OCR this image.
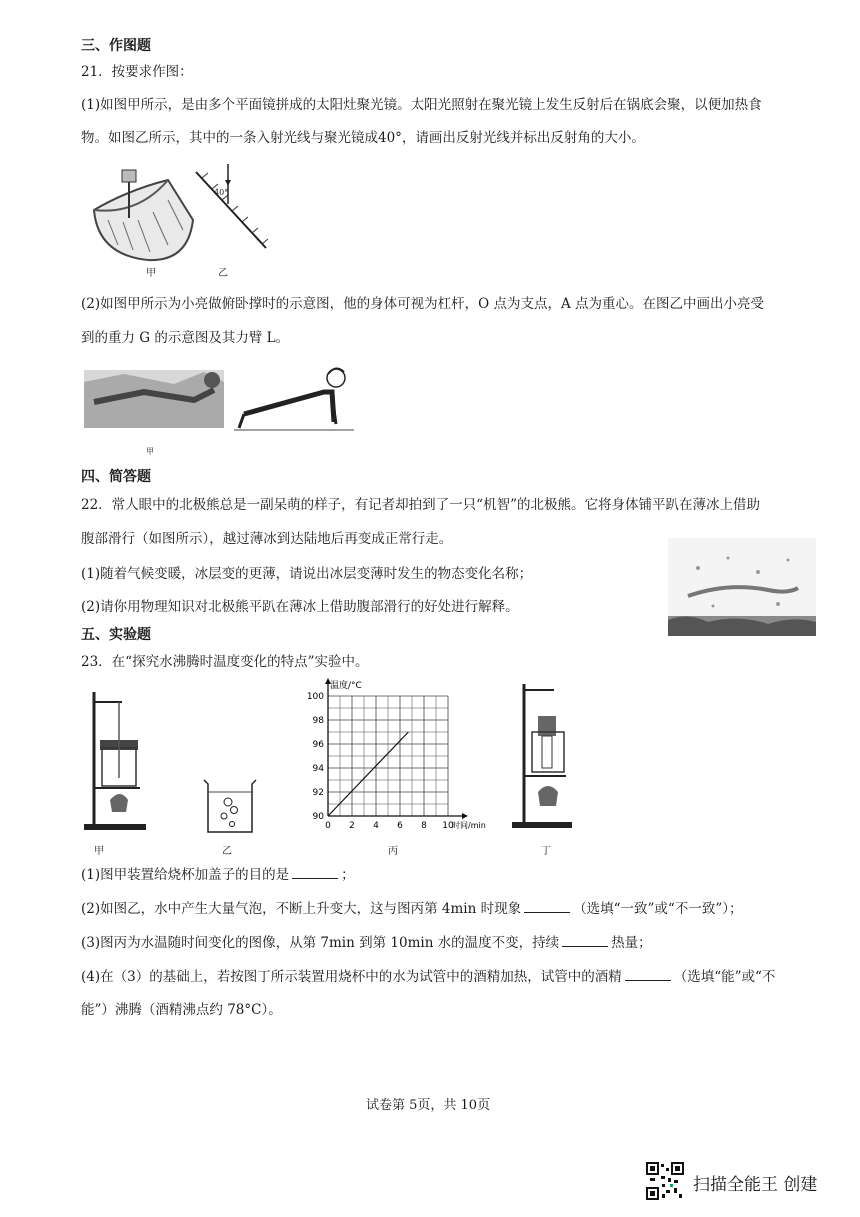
三、作图题
21．按要求作图：
(1)如图甲所示，是由多个平面镜拼成的太阳灶聚光镜。太阳光照射在聚光镜上发生反射后在锅底会聚，以便加热食
物。如图乙所示，其中的一条入射光线与聚光镜成40°，请画出反射光线并标出反射角的大小。
40°
甲	乙
(2)如图甲所示为小亮做俯卧撑时的示意图，他的身体可视为杠杆，O 点为支点，A 点为重心。在图乙中画出小亮受
到的重力 G 的示意图及其力臂 L。
甲
四、简答题
22．常人眼中的北极熊总是一副呆萌的样子，有记者却拍到了一只“机智”的北极熊。它将身体铺平趴在薄冰上借助
腹部滑行（如图所示），越过薄冰到达陆地后再变成正常行走。
(1)随着气候变暖，冰层变的更薄，请说出冰层变薄时发生的物态变化名称；
(2)请你用物理知识对北极熊平趴在薄冰上借助腹部滑行的好处进行解释。
五、实验题
23．在“探究水沸腾时温度变化的特点”实验中。
0 2 4 6 8 10
90
92
94
96
98
100
温度/°C
时间/min
甲	乙	丙	丁
(1)图甲装置给烧杯加盖子的目的是	；
(2)如图乙，水中产生大量气泡，不断上升变大，这与图丙第 4min 时现象	（选填“一致”或“不一致”）；
(3)图丙为水温随时间变化的图像，从第 7min 到第 10min 水的温度不变，持续	热量；
(4)在（3）的基础上，若按图丁所示装置用烧杯中的水为试管中的酒精加热，试管中的酒精	（选填“能”或“不
能”）沸腾（酒精沸点约 78°C）。
试卷第 5页，共 10页
扫描全能王 创建
